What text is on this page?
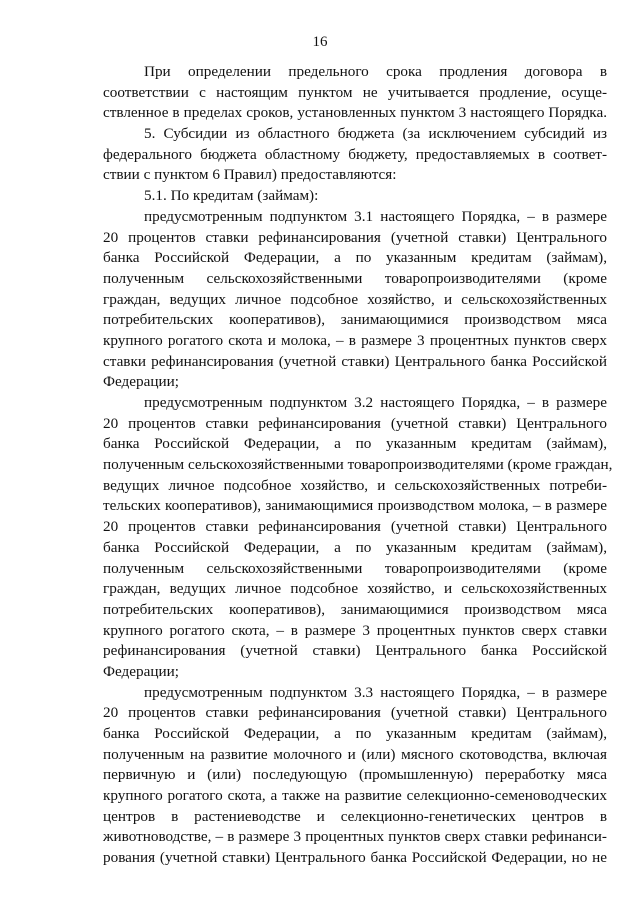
16
При определении предельного срока продления договора в
соответствии с настоящим пунктом не учитывается продление, осуще-
ствленное в пределах сроков, установленных пунктом 3 настоящего Порядка.
5. Субсидии из областного бюджета (за исключением субсидий из
федерального бюджета областному бюджету, предоставляемых в соответ-
ствии с пунктом 6 Правил) предоставляются:
5.1. По кредитам (займам):
предусмотренным подпунктом 3.1 настоящего Порядка, – в размере
20 процентов ставки рефинансирования (учетной ставки) Центрального
банка Российской Федерации, а по указанным кредитам (займам),
полученным сельскохозяйственными товаропроизводителями (кроме
граждан, ведущих личное подсобное хозяйство, и сельскохозяйственных
потребительских кооперативов), занимающимися производством мяса
крупного рогатого скота и молока, – в размере 3 процентных пунктов сверх
ставки рефинансирования (учетной ставки) Центрального банка Российской
Федерации;
предусмотренным подпунктом 3.2 настоящего Порядка, – в размере
20 процентов ставки рефинансирования (учетной ставки) Центрального
банка Российской Федерации, а по указанным кредитам (займам),
полученным сельскохозяйственными товаропроизводителями (кроме граждан,
ведущих личное подсобное хозяйство, и сельскохозяйственных потреби-
тельских кооперативов), занимающимися производством молока, – в размере
20 процентов ставки рефинансирования (учетной ставки) Центрального
банка Российской Федерации, а по указанным кредитам (займам),
полученным сельскохозяйственными товаропроизводителями (кроме
граждан, ведущих личное подсобное хозяйство, и сельскохозяйственных
потребительских кооперативов), занимающимися производством мяса
крупного рогатого скота, – в размере 3 процентных пунктов сверх ставки
рефинансирования (учетной ставки) Центрального банка Российской
Федерации;
предусмотренным подпунктом 3.3 настоящего Порядка, – в размере
20 процентов ставки рефинансирования (учетной ставки) Центрального
банка Российской Федерации, а по указанным кредитам (займам),
полученным на развитие молочного и (или) мясного скотоводства, включая
первичную и (или) последующую (промышленную) переработку мяса
крупного рогатого скота, а также на развитие селекционно-семеноводческих
центров в растениеводстве и селекционно-генетических центров в
животноводстве, – в размере 3 процентных пунктов сверх ставки рефинанси-
рования (учетной ставки) Центрального банка Российской Федерации, но не
